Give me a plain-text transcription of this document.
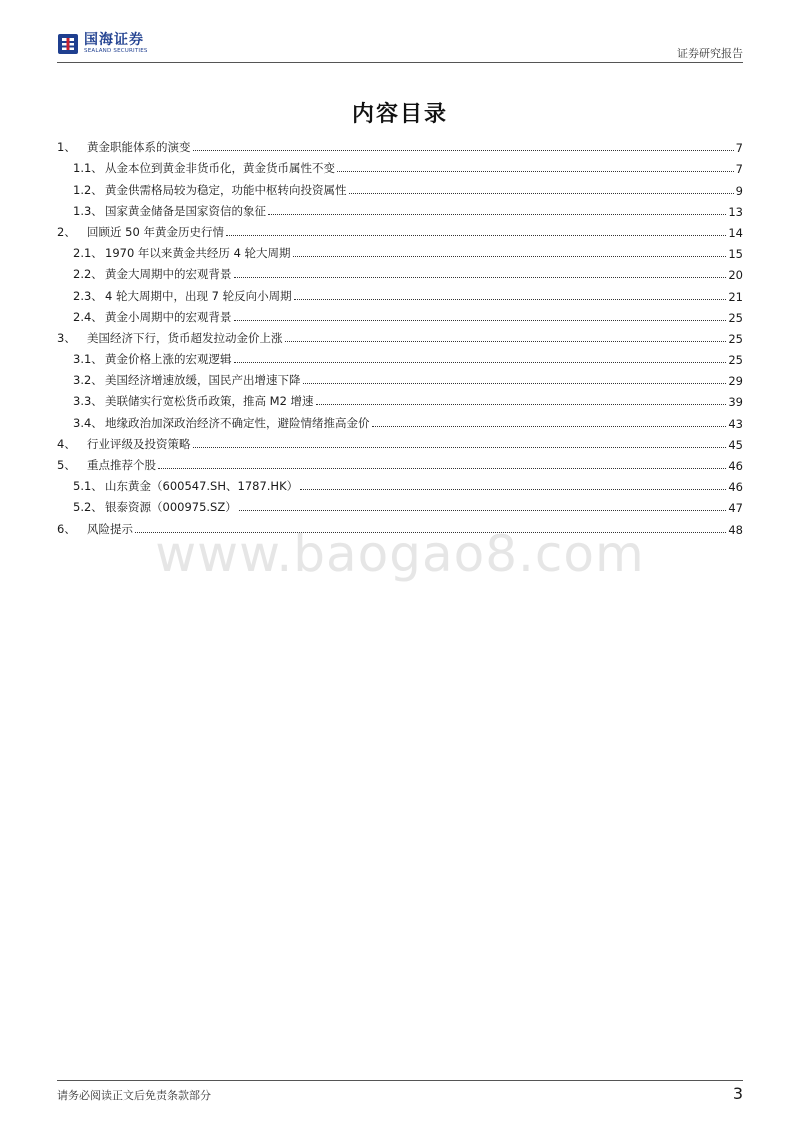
国海证券
SEALAND SECURITIES	证券研究报告
内容目录
1、 黄金职能体系的演变	7
1.1、 从金本位到黄金非货币化，黄金货币属性不变	7
1.2、 黄金供需格局较为稳定，功能中枢转向投资属性	9
1.3、 国家黄金储备是国家资信的象征	13
2、 回顾近 50 年黄金历史行情	14
2.1、 1970 年以来黄金共经历 4 轮大周期	15
2.2、 黄金大周期中的宏观背景	20
2.3、 4 轮大周期中，出现 7 轮反向小周期	21
2.4、 黄金小周期中的宏观背景	25
3、 美国经济下行，货币超发拉动金价上涨	25
3.1、 黄金价格上涨的宏观逻辑	25
3.2、 美国经济增速放缓，国民产出增速下降	29
3.3、 美联储实行宽松货币政策，推高 M2 增速	39
3.4、 地缘政治加深政治经济不确定性，避险情绪推高金价	43
4、 行业评级及投资策略	45
5、 重点推荐个股	46
5.1、 山东黄金（600547.SH、1787.HK）	46
5.2、 银泰资源（000975.SZ）	47
6、 风险提示	48
www.baogao8.com
请务必阅读正文后免责条款部分	3
